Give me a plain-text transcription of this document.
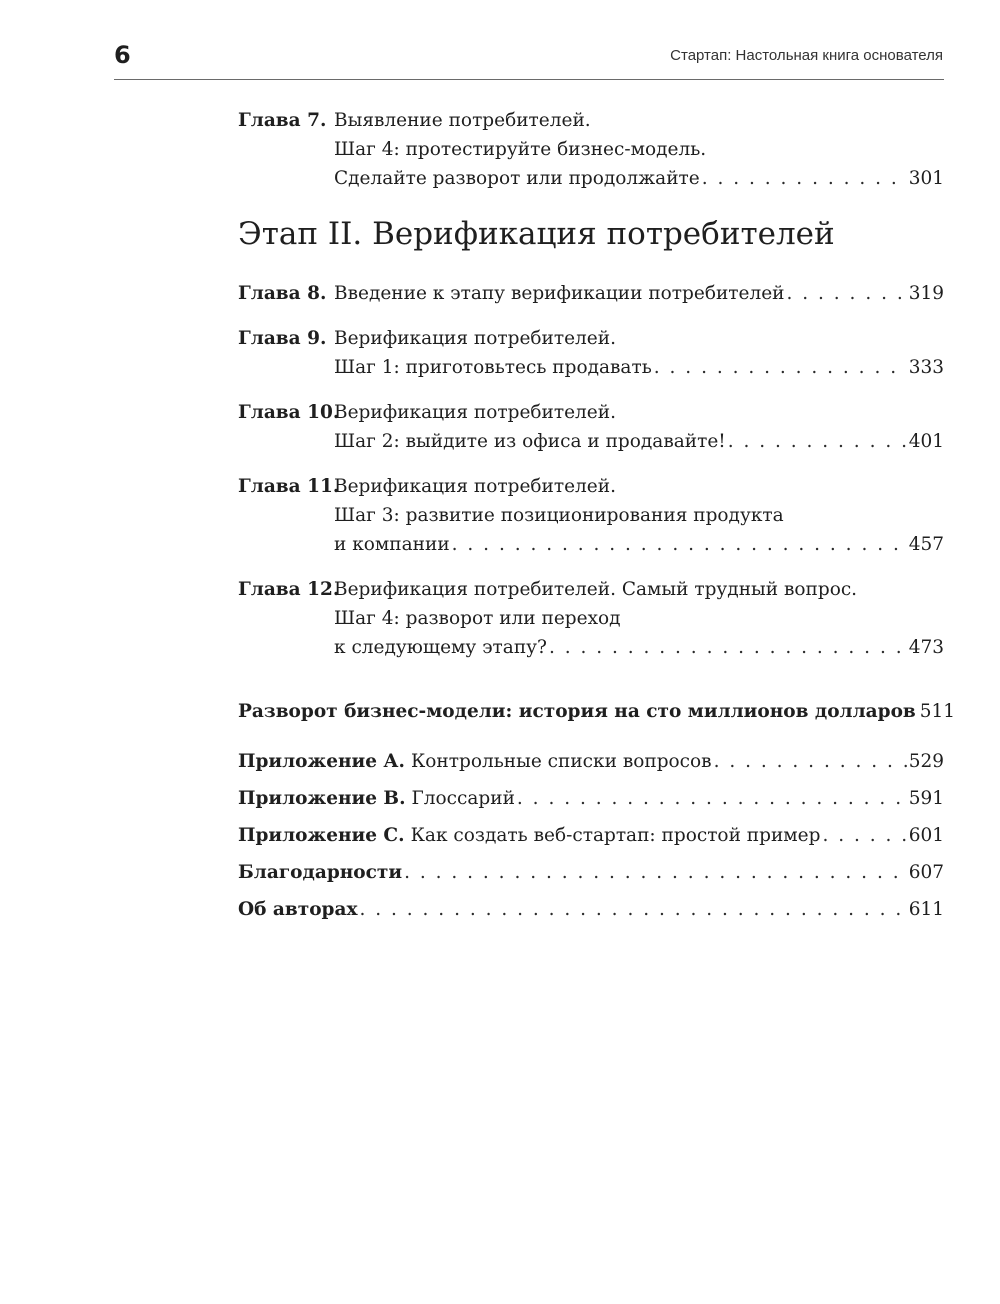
6	Стартап: Настольная книга основателя
Глава 7. Выявление потребителей.
Шаг 4: протестируйте бизнес-модель.
Сделайте разворот или продолжайте . . .	301
Этап II. Верификация потребителей
Глава 8. Введение к этапу верификации потребителей . . .	319
Глава 9. Верификация потребителей.
Шаг 1: приготовьтесь продавать . . .	333
Глава 10.
Верификация потребителей.
Шаг 2: выйдите из офиса и продавайте! . . .	401
Глава 11.
Верификация потребителей.
Шаг 3: развитие позиционирования продукта
и компании . . .	457
Глава 12.
Верификация потребителей. Самый трудный вопрос.
Шаг 4: разворот или переход
к следующему этапу? . . .	473
Разворот бизнес-модели: история на сто миллионов долларов 511
Приложение А. Контрольные списки вопросов . . .	529
Приложение В. Глоссарий . . .	591
Приложение С. Как создать веб-стартап: простой пример . . .	601
Благодарности . . .	607
Об авторах . . .	611
